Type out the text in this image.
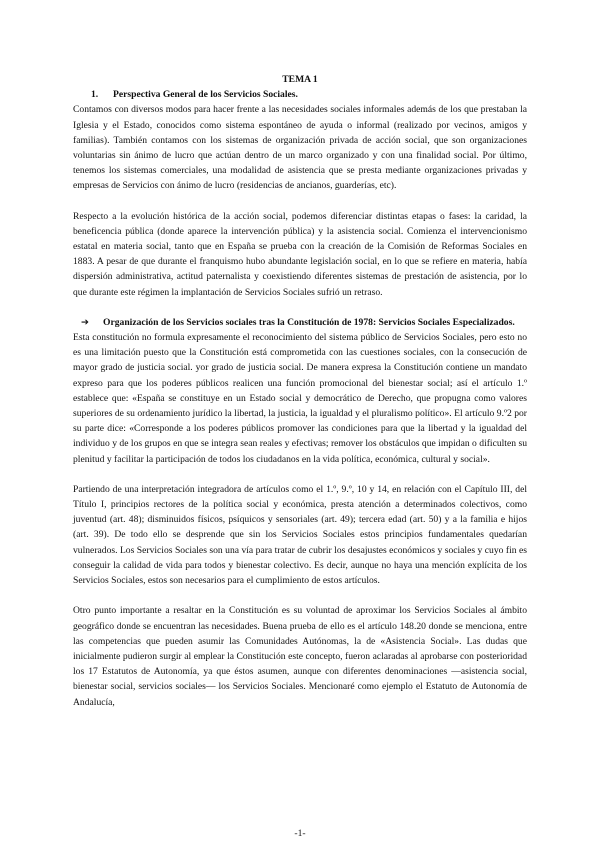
TEMA 1

1.	Perspectiva General de los Servicios Sociales.

Contamos con diversos modos para hacer frente a las necesidades sociales informales además de los que prestaban la Iglesia y el Estado, conocidos como sistema espontáneo de ayuda o informal (realizado por vecinos, amigos y familias). También contamos con los sistemas de organización privada de acción social, que son organizaciones voluntarias sin ánimo de lucro que actúan dentro de un marco organizado y con una finalidad social. Por último, tenemos los sistemas comerciales, una modalidad de asistencia que se presta mediante organizaciones privadas y empresas de Servicios con ánimo de lucro (residencias de ancianos, guarderías, etc).

Respecto a la evolución histórica de la acción social, podemos diferenciar distintas etapas o fases: la caridad, la beneficencia pública (donde aparece la intervención pública) y la asistencia social. Comienza el intervencionismo estatal en materia social, tanto que en España se prueba con la creación de la Comisión de Reformas Sociales en 1883. A pesar de que durante el franquismo hubo abundante legislación social, en lo que se refiere en materia, había dispersión administrativa, actitud paternalista y coexistiendo diferentes sistemas de prestación de asistencia, por lo que durante este régimen la implantación de Servicios Sociales sufrió un retraso.

➔ Organización de los Servicios sociales tras la Constitución de 1978: Servicios Sociales Especializados.

Esta constitución no formula expresamente el reconocimiento del sistema público de Servicios Sociales, pero esto no es una limitación puesto que la Constitución está comprometida con las cuestiones sociales, con la consecución de mayor grado de justicia social. yor grado de justicia social. De manera expresa la Constitución contiene un mandato expreso para que los poderes públicos realicen una función promocional del bienestar social; así el artículo 1.º establece que: «España se constituye en un Estado social y democrático de Derecho, que propugna como valores superiores de su ordenamiento jurídico la libertad, la justicia, la igualdad y el pluralismo político». El artículo 9.º2 por su parte dice: «Corresponde a los poderes públicos promover las condiciones para que la libertad y la igualdad del individuo y de los grupos en que se integra sean reales y efectivas; remover los obstáculos que impidan o dificulten su plenitud y facilitar la participación de todos los ciudadanos en la vida política, económica, cultural y social».

Partiendo de una interpretación integradora de artículos como el 1.º, 9.º, 10 y 14, en relación con el Capítulo III, del Título I, principios rectores de la política social y económica, presta atención a determinados colectivos, como juventud (art. 48); disminuidos físicos, psíquicos y sensoriales (art. 49); tercera edad (art. 50) y a la familia e hijos (art. 39). De todo ello se desprende que sin los Servicios Sociales estos principios fundamentales quedarían vulnerados. Los Servicios Sociales son una vía para tratar de cubrir los desajustes económicos y sociales y cuyo fin es conseguir la calidad de vida para todos y bienestar colectivo. Es decir, aunque no haya una mención explícita de los Servicios Sociales, estos son necesarios para el cumplimiento de estos artículos.

Otro punto importante a resaltar en la Constitución es su voluntad de aproximar los Servicios Sociales al ámbito geográfico donde se encuentran las necesidades. Buena prueba de ello es el artículo 148.20 donde se menciona, entre las competencias que pueden asumir las Comunidades Autónomas, la de «Asistencia Social». Las dudas que inicialmente pudieron surgir al emplear la Constitución este concepto, fueron aclaradas al aprobarse con posterioridad los 17 Estatutos de Autonomía, ya que éstos asumen, aunque con diferentes denominaciones —asistencia social, bienestar social, servicios sociales— los Servicios Sociales. Mencionaré como ejemplo el Estatuto de Autonomía de Andalucía,

-1-
